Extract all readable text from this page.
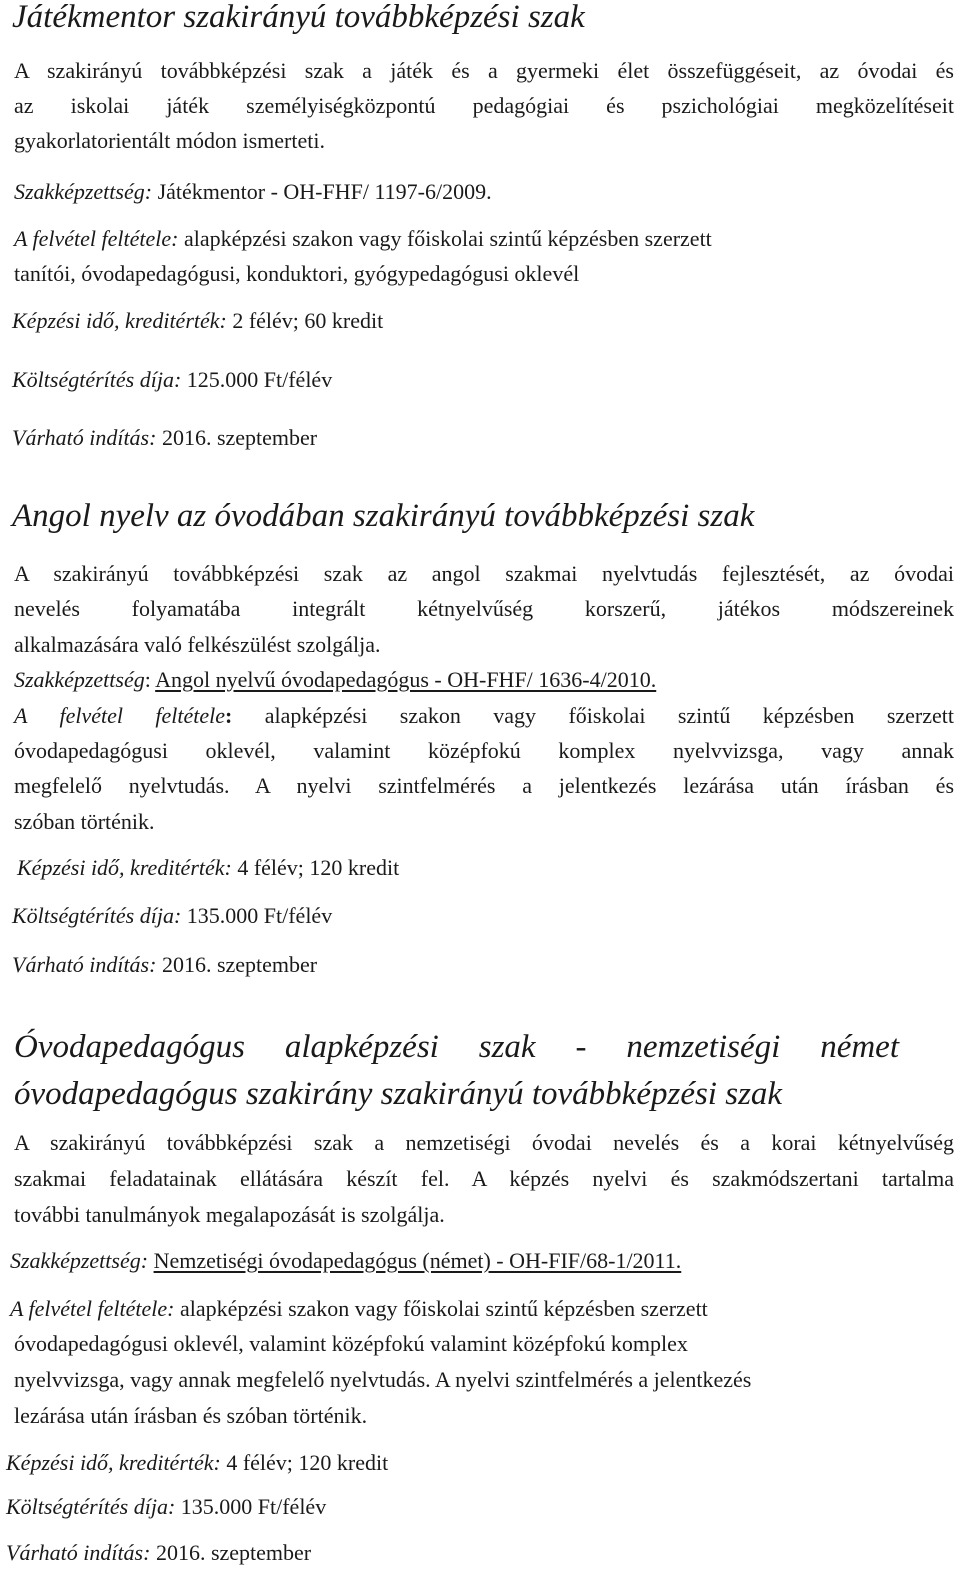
Játékmentor szakirányú továbbképzési szak
A szakirányú továbbképzési szak a játék és a gyermeki élet összefüggéseit, az óvodai és
az iskolai játék személyiségközpontú pedagógiai és pszichológiai megközelítéseit
gyakorlatorientált módon ismerteti.
Szakképzettség: Játékmentor - OH-FHF/ 1197-6/2009.
A felvétel feltétele: alapképzési szakon vagy főiskolai szintű képzésben szerzett
tanítói, óvodapedagógusi, konduktori, gyógypedagógusi oklevél
Képzési idő, kreditérték: 2 félév; 60 kredit
Költségtérítés díja: 125.000 Ft/félév
Várható indítás: 2016. szeptember
Angol nyelv az óvodában szakirányú továbbképzési szak
A szakirányú továbbképzési szak az angol szakmai nyelvtudás fejlesztését, az óvodai
nevelés folyamatába integrált kétnyelvűség korszerű, játékos módszereinek
alkalmazására való felkészülést szolgálja.
Szakképzettség: Angol nyelvű óvodapedagógus - OH-FHF/ 1636-4/2010.
A felvétel feltétele: alapképzési szakon vagy főiskolai szintű képzésben szerzett
óvodapedagógusi oklevél, valamint középfokú komplex nyelvvizsga, vagy annak
megfelelő nyelvtudás. A nyelvi szintfelmérés a jelentkezés lezárása után írásban és
szóban történik.
Képzési idő, kreditérték: 4 félév; 120 kredit
Költségtérítés díja: 135.000 Ft/félév
Várható indítás: 2016. szeptember
Óvodapedagógus alapképzési szak - nemzetiségi német
óvodapedagógus szakirány szakirányú továbbképzési szak
A szakirányú továbbképzési szak a nemzetiségi óvodai nevelés és a korai kétnyelvűség
szakmai feladatainak ellátására készít fel. A képzés nyelvi és szakmódszertani tartalma
további tanulmányok megalapozását is szolgálja.
Szakképzettség: Nemzetiségi óvodapedagógus (német) - OH-FIF/68-1/2011.
A felvétel feltétele: alapképzési szakon vagy főiskolai szintű képzésben szerzett
óvodapedagógusi oklevél, valamint középfokú valamint középfokú komplex
nyelvvizsga, vagy annak megfelelő nyelvtudás. A nyelvi szintfelmérés a jelentkezés
lezárása után írásban és szóban történik.
Képzési idő, kreditérték: 4 félév; 120 kredit
Költségtérítés díja: 135.000 Ft/félév
Várható indítás: 2016. szeptember
